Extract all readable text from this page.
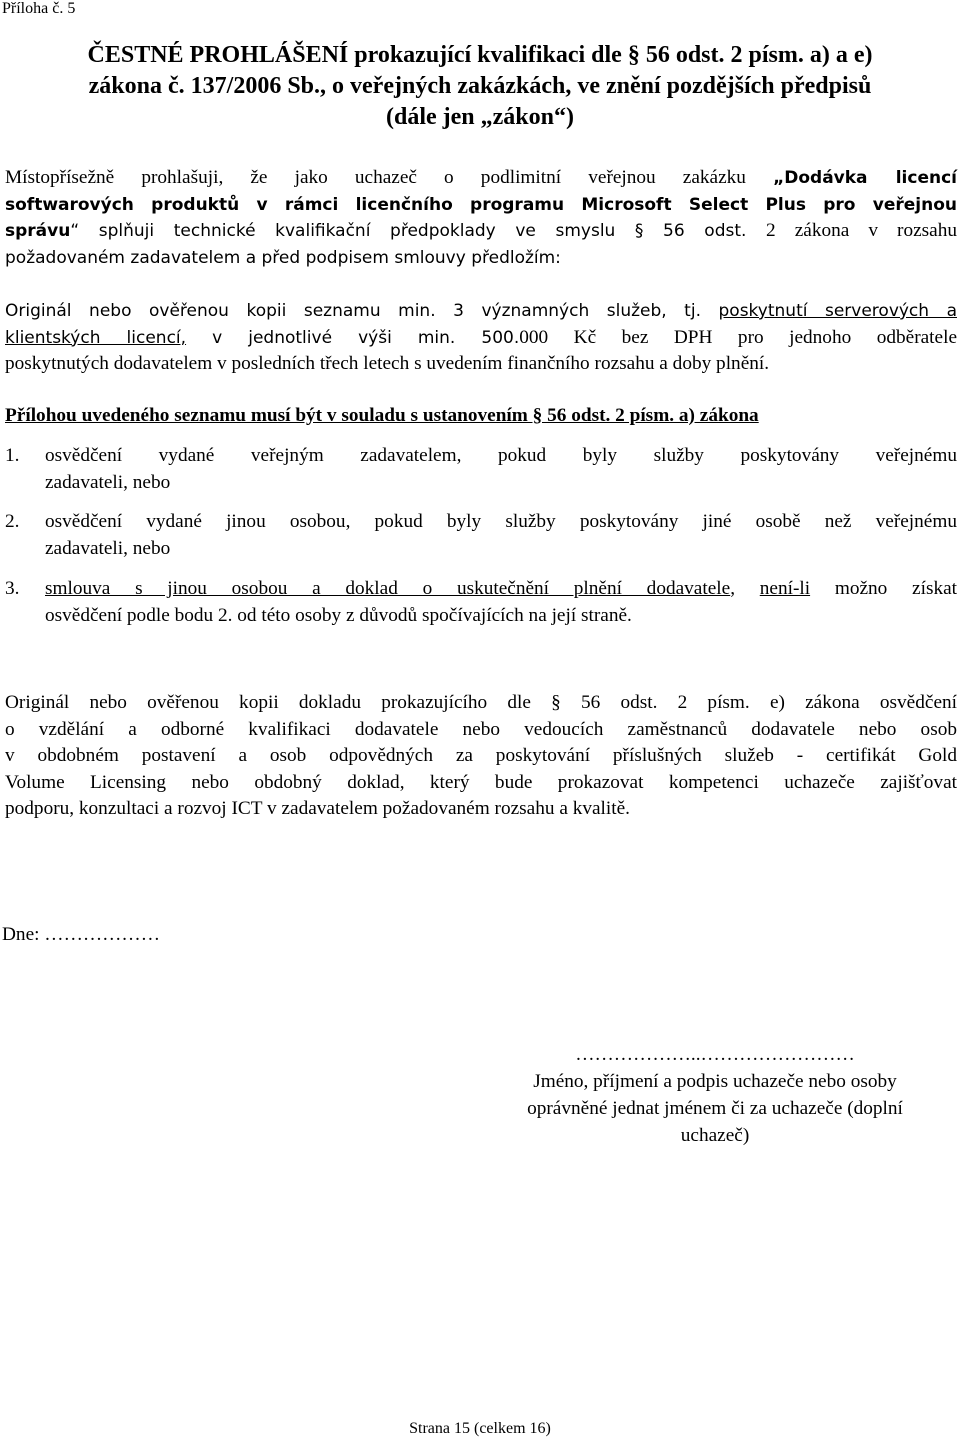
Příloha č. 5
ČESTNÉ PROHLÁŠENÍ prokazující kvalifikaci dle § 56 odst. 2 písm. a) a e)
zákona č. 137/2006 Sb., o veřejných zakázkách, ve znění pozdějších předpisů
(dále jen „zákon“)
Místopřísežně prohlašuji, že jako uchazeč o podlimitní veřejnou zakázku „Dodávka licencí
softwarových produktů v rámci licenčního programu Microsoft Select Plus pro veřejnou
správu“ splňuji technické kvalifikační předpoklady ve smyslu § 56 odst. 2 zákona v rozsahu
požadovaném zadavatelem a před podpisem smlouvy předložím:
Originál nebo ověřenou kopii seznamu min. 3 významných služeb, tj. poskytnutí serverových a
klientských licencí, v jednotlivé výši min. 500.000 Kč bez DPH pro jednoho odběratele
poskytnutých dodavatelem v posledních třech letech s uvedením finančního rozsahu a doby plnění.
Přílohou uvedeného seznamu musí být v souladu s ustanovením § 56 odst. 2 písm. a) zákona
1. osvědčení vydané veřejným zadavatelem, pokud byly služby poskytovány veřejnému
zadavateli, nebo
2. osvědčení vydané jinou osobou, pokud byly služby poskytovány jiné osobě než veřejnému
zadavateli, nebo
3. smlouva s jinou osobou a doklad o uskutečnění plnění dodavatele, není-li možno získat
osvědčení podle bodu 2. od této osoby z důvodů spočívajících na její straně.
Originál nebo ověřenou kopii dokladu prokazujícího dle § 56 odst. 2 písm. e) zákona osvědčení
o vzdělání a odborné kvalifikaci dodavatele nebo vedoucích zaměstnanců dodavatele nebo osob
v obdobném postavení a osob odpovědných za poskytování příslušných služeb - certifikát Gold
Volume Licensing nebo obdobný doklad, který bude prokazovat kompetenci uchazeče zajišťovat
podporu, konzultaci a rozvoj ICT v zadavatelem požadovaném rozsahu a kvalitě.
Dne: ………………
………………..……………………
Jméno, příjmení a podpis uchazeče nebo osoby
oprávněné jednat jménem či za uchazeče (doplní
uchazeč)
Strana 15 (celkem 16)
